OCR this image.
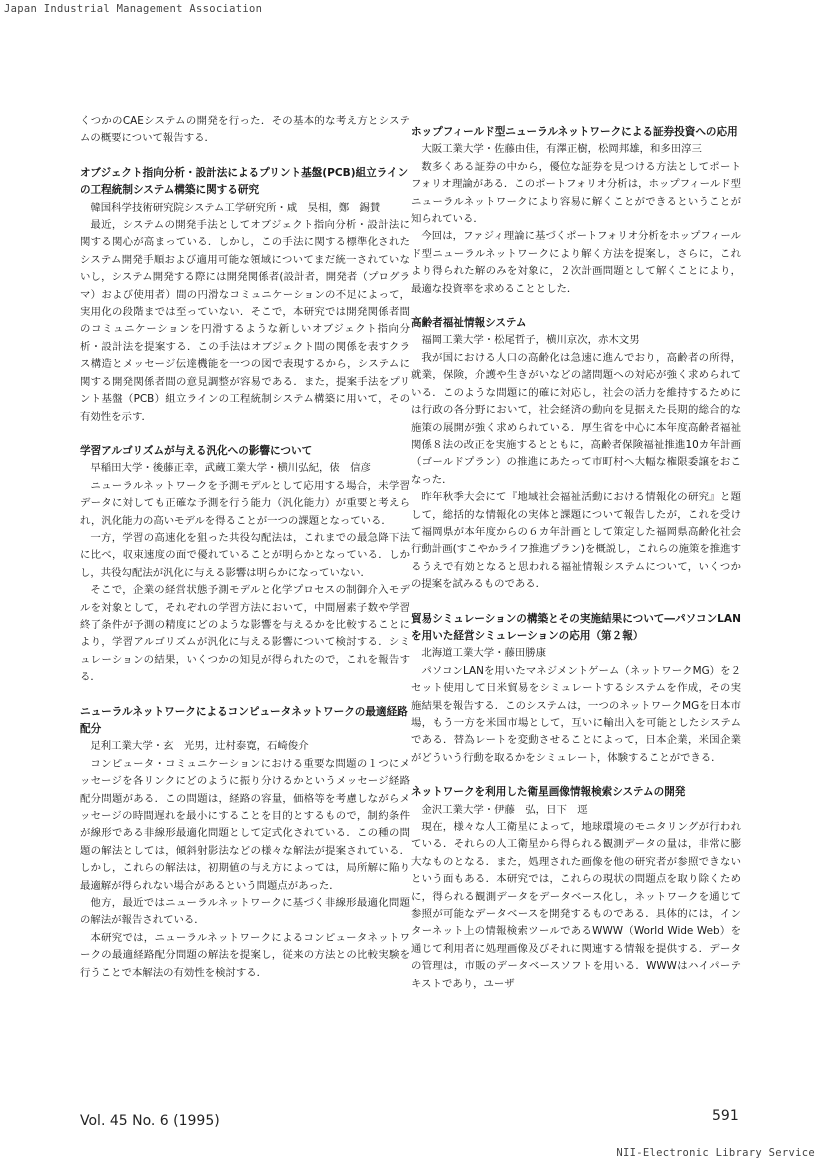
Japan Industrial Management Association

くつかのCAEシステムの開発を行った．その基本的な考え方とシステムの概要について報告する．

オブジェクト指向分析・設計法によるプリント基盤(PCB)組立ラインの工程統制システム構築に関する研究

韓国科学技術研究院システム工学研究所・咸　昊相，鄭　錫賛

最近，システムの開発手法としてオブジェクト指向分析・設計法に関する関心が高まっている．しかし，この手法に関する標準化されたシステム開発手順および適用可能な領域についてまだ統一されていないし，システム開発する際には開発関係者(設計者，開発者（プログラマ）および使用者）間の円滑なコミュニケーションの不足によって，実用化の段階までは至っていない．そこで，本研究では開発関係者間のコミュニケーションを円滑するような新しいオブジェクト指向分析・設計法を提案する．この手法はオブジェクト間の関係を表すクラス構造とメッセージ伝達機能を一つの図で表現するから，システムに関する開発関係者間の意見調整が容易である．また，提案手法をプリント基盤（PCB）組立ラインの工程統制システム構築に用いて，その有効性を示す．

学習アルゴリズムが与える汎化への影響について

早稲田大学・後藤正幸，武蔵工業大学・横川弘紀，俵　信彦

ニューラルネットワークを予測モデルとして応用する場合，未学習データに対しても正確な予測を行う能力（汎化能力）が重要と考えられ，汎化能力の高いモデルを得ることが一つの課題となっている．

一方，学習の高速化を狙った共役勾配法は，これまでの最急降下法に比べ，収束速度の面で優れていることが明らかとなっている．しかし，共役勾配法が汎化に与える影響は明らかになっていない．

そこで，企業の経営状態予測モデルと化学プロセスの制御介入モデルを対象として，それぞれの学習方法において，中間層素子数や学習終了条件が予測の精度にどのような影響を与えるかを比較することにより，学習アルゴリズムが汎化に与える影響について検討する．シミュレーションの結果，いくつかの知見が得られたので，これを報告する．

ニューラルネットワークによるコンピュータネットワークの最適経路配分

足利工業大学・玄　光男，辻村泰寛，石崎俊介

コンピュータ・コミュニケーションにおける重要な問題の１つにメッセージを各リンクにどのように振り分けるかというメッセージ経路配分問題がある．この問題は，経路の容量，価格等を考慮しながらメッセージの時間遅れを最小にすることを目的とするもので，制約条件が線形である非線形最適化問題として定式化されている．この種の問題の解法としては，傾斜射影法などの様々な解法が提案されている．しかし，これらの解法は，初期値の与え方によっては，局所解に陥り最適解が得られない場合があるという問題点があった．

他方，最近ではニューラルネットワークに基づく非線形最適化問題の解法が報告されている．

本研究では，ニューラルネットワークによるコンピュータネットワークの最適経路配分問題の解法を提案し，従来の方法との比較実験を行うことで本解法の有効性を検討する．

ホップフィールド型ニューラルネットワークによる証券投資への応用

大阪工業大学・佐藤由佳，有澤正樹，松岡邦雄，和多田淳三

数多くある証券の中から，優位な証券を見つける方法としてポートフォリオ理論がある．このポートフォリオ分析は，ホップフィールド型ニューラルネットワークにより容易に解くことができるということが知られている．

今回は，ファジィ理論に基づくポートフォリオ分析をホップフィールド型ニューラルネットワークにより解く方法を提案し，さらに，これより得られた解のみを対象に，２次計画問題として解くことにより，最適な投資率を求めることとした．

高齢者福祉情報システム

福岡工業大学・松尾哲子，横川京次，赤木文男

我が国における人口の高齢化は急速に進んでおり，高齢者の所得，就業，保険，介護や生きがいなどの諸問題への対応が強く求められている．このような問題に的確に対応し，社会の活力を維持するためには行政の各分野において，社会経済の動向を見据えた長期的総合的な施策の展開が強く求められている．厚生省を中心に本年度高齢者福祉関係８法の改正を実施するとともに，高齢者保険福祉推進10カ年計画（ゴールドプラン）の推進にあたって市町村へ大幅な権限委譲をおこなった．

昨年秋季大会にて『地域社会福祉活動における情報化の研究』と題して，総括的な情報化の実体と課題について報告したが，これを受けて福岡県が本年度からの６カ年計画として策定した福岡県高齢化社会行動計画(すこやかライフ推進プラン)を概説し，これらの施策を推進するうえで有効となると思われる福祉情報システムについて，いくつかの提案を試みるものである．

貿易シミュレーションの構築とその実施結果について―パソコンLANを用いた経営シミュレーションの応用（第２報）

北海道工業大学・藤田勝康

パソコンLANを用いたマネジメントゲーム（ネットワークMG）を２セット使用して日米貿易をシミュレートするシステムを作成，その実施結果を報告する．このシステムは，一つのネットワークMGを日本市場，もう一方を米国市場として，互いに輸出入を可能としたシステムである．替為レートを変動させることによって，日本企業，米国企業がどういう行動を取るかをシミュレート，体験することができる．

ネットワークを利用した衛星画像情報検索システムの開発

金沢工業大学・伊藤　弘，日下　逕

現在，様々な人工衛星によって，地球環境のモニタリングが行われている．それらの人工衛星から得られる観測データの量は，非常に膨大なものとなる．また，処理された画像を他の研究者が参照できないという面もある．本研究では，これらの現状の問題点を取り除くために，得られる観測データをデータベース化し，ネットワークを通じて参照が可能なデータベースを開発するものである．具体的には，インターネット上の情報検索ツールであるWWW（World Wide Web）を通じて利用者に処理画像及びそれに関連する情報を提供する．データの管理は，市販のデータベースソフトを用いる．WWWはハイパーテキストであり，ユーザ

Vol. 45 No. 6 (1995)	591
NII-Electronic Library Service
